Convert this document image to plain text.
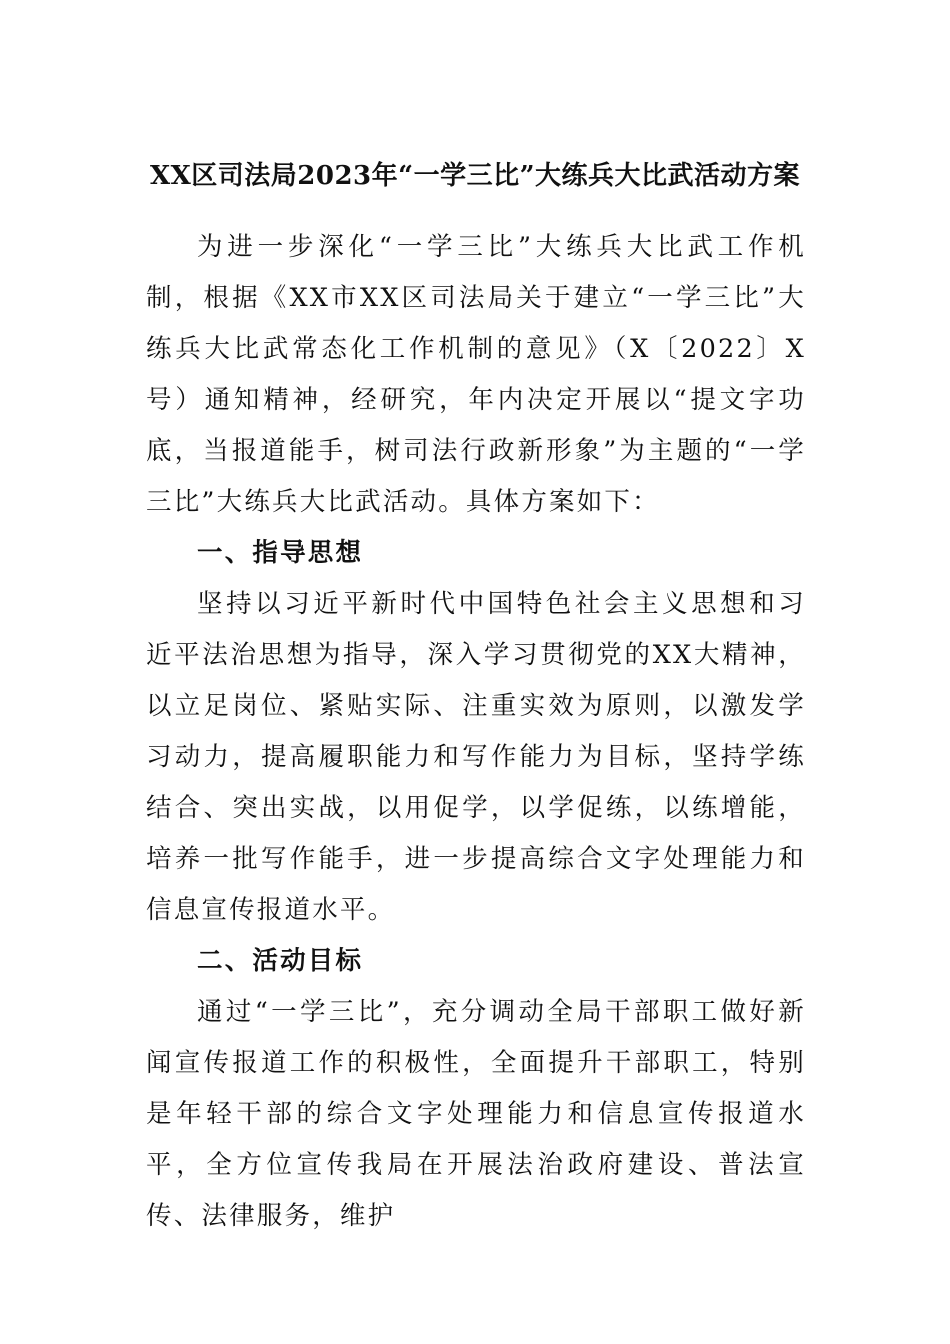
XX区司法局2023年“一学三比”大练兵大比武活动方案

为进一步深化“一学三比”大练兵大比武工作机制，根据《XX市XX区司法局关于建立“一学三比”大练兵大比武常态化工作机制的意见》（X〔2022〕X号）通知精神，经研究，年内决定开展以“提文字功底，当报道能手，树司法行政新形象”为主题的“一学三比”大练兵大比武活动。具体方案如下：

一、指导思想

坚持以习近平新时代中国特色社会主义思想和习近平法治思想为指导，深入学习贯彻党的XX大精神，以立足岗位、紧贴实际、注重实效为原则，以激发学习动力，提高履职能力和写作能力为目标，坚持学练结合、突出实战，以用促学，以学促练，以练增能，培养一批写作能手，进一步提高综合文字处理能力和信息宣传报道水平。

二、活动目标

通过“一学三比”，充分调动全局干部职工做好新闻宣传报道工作的积极性，全面提升干部职工，特别是年轻干部的综合文字处理能力和信息宣传报道水平，全方位宣传我局在开展法治政府建设、普法宣传、法律服务，维护
